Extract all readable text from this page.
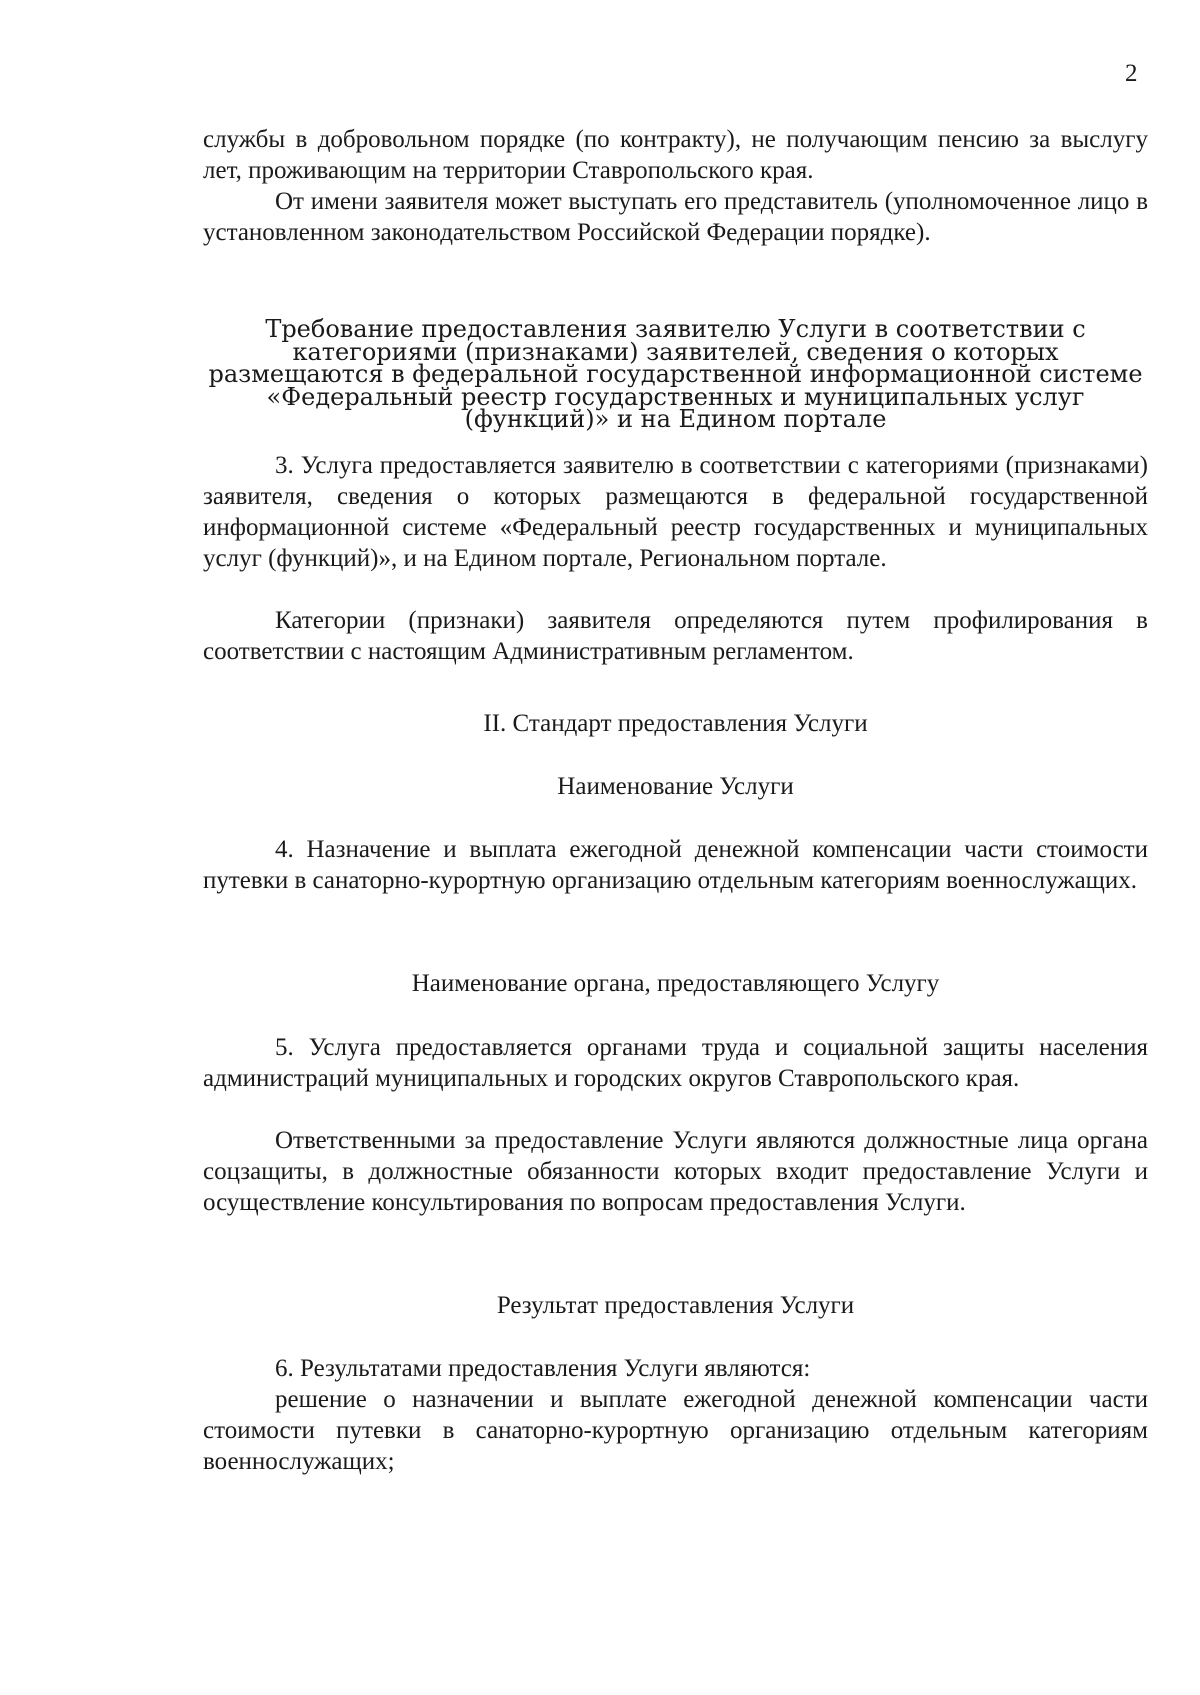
2

службы в добровольном порядке (по контракту), не получающим пенсию за выслугу лет, проживающим на территории Ставропольского края.

От имени заявителя может выступать его представитель (уполномоченное лицо в установленном законодательством Российской Федерации порядке).

Требование предоставления заявителю Услуги в соответствии с категориями (признаками) заявителей, сведения о которых размещаются в федеральной государственной информационной системе «Федеральный реестр государственных и муниципальных услуг (функций)» и на Едином портале

3. Услуга предоставляется заявителю в соответствии с категориями (признаками) заявителя, сведения о которых размещаются в федеральной государственной информационной системе «Федеральный реестр государственных и муниципальных услуг (функций)», и на Едином портале, Региональном портале.

Категории (признаки) заявителя определяются путем профилирования в соответствии с настоящим Административным регламентом.

II. Стандарт предоставления Услуги

Наименование Услуги

4. Назначение и выплата ежегодной денежной компенсации части стоимости путевки в санаторно-курортную организацию отдельным категориям военнослужащих.

Наименование органа, предоставляющего Услугу

5. Услуга предоставляется органами труда и социальной защиты населения администраций муниципальных и городских округов Ставропольского края.

Ответственными за предоставление Услуги являются должностные лица органа соцзащиты, в должностные обязанности которых входит предоставление Услуги и осуществление консультирования по вопросам предоставления Услуги.

Результат предоставления Услуги

6. Результатами предоставления Услуги являются:

решение о назначении и выплате ежегодной денежной компенсации части стоимости путевки в санаторно-курортную организацию отдельным категориям военнослужащих;
